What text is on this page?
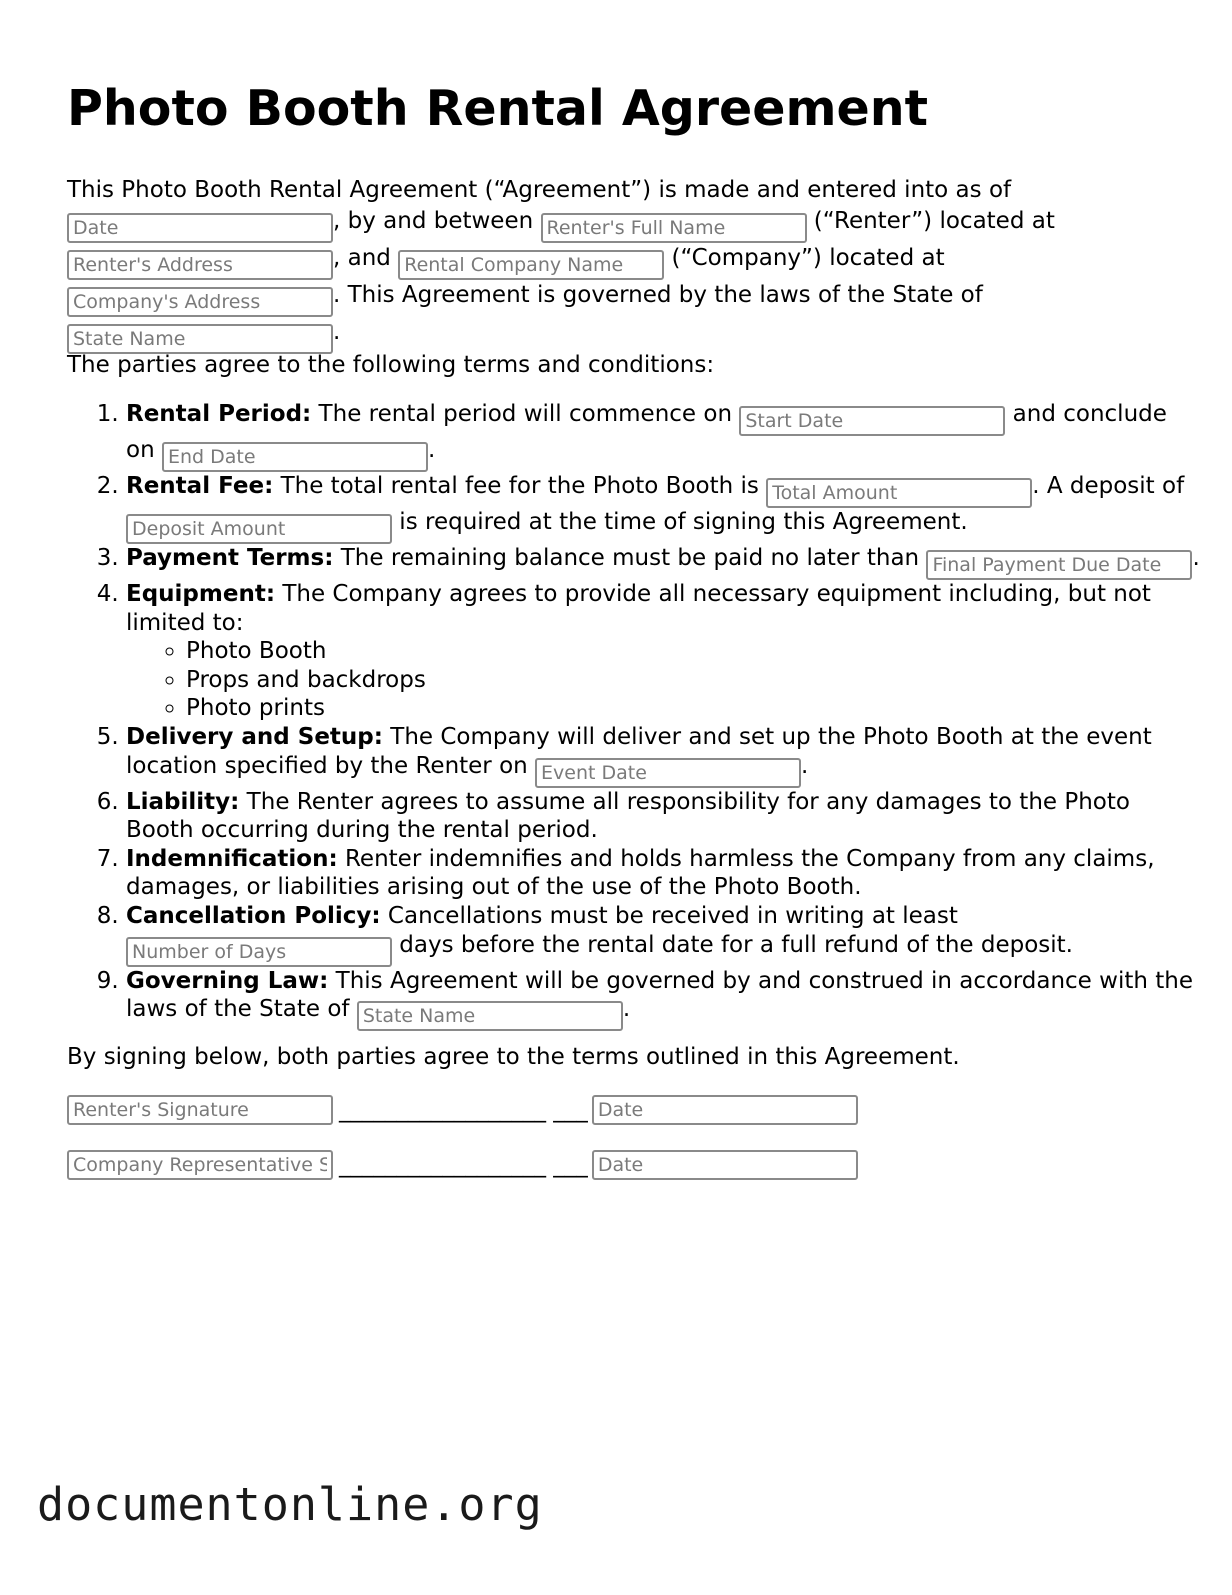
Photo Booth Rental Agreement
This Photo Booth Rental Agreement (“Agreement”) is made and entered into as of Date, by and between Renter's Full Name	(“Renter”) located at Renter's Address, and Rental Company Name	(“Company”) located at Company's Address. This Agreement is governed by the laws of the State of State Name.
The parties agree to the following terms and conditions:
1. Rental Period: The rental period will commence on Start Date	and conclude on End Date	.
2. Rental Fee: The total rental fee for the Photo Booth is Total Amount	. A deposit of Deposit Amount is required at the time of signing this Agreement.
3. Payment Terms: The remaining balance must be paid no later than Final Payment Due Date	.
4. Equipment: The Company agrees to provide all necessary equipment including, but not limited to:
◦ Photo Booth
◦ Props and backdrops
◦ Photo prints
5. Delivery and Setup: The Company will deliver and set up the Photo Booth at the event location specified by the Renter on Event Date	.
6. Liability: The Renter agrees to assume all responsibility for any damages to the Photo Booth occurring during the rental period.
7. Indemnification: Renter indemnifies and holds harmless the Company from any claims, damages, or liabilities arising out of the use of the Photo Booth.
8. Cancellation Policy: Cancellations must be received in writing at least Number of Days days before the rental date for a full refund of the deposit.
9. Governing Law: This Agreement will be governed by and construed in accordance with the laws of the State of State Name	.
By signing below, both parties agree to the terms outlined in this Agreement.
Renter's Signature__________________ ___Date
Company Representative Signature__________________ ___Date
documentonline.org
